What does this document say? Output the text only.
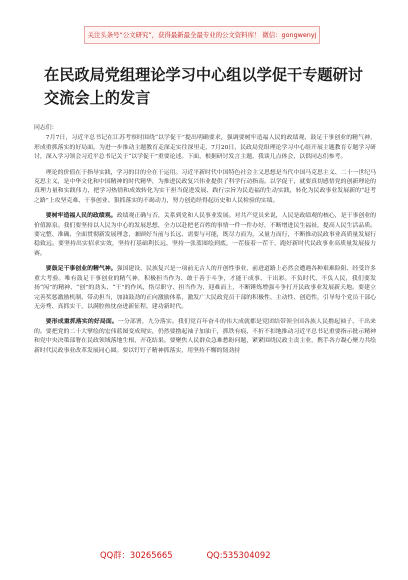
关注头条号“公文研究”，获得最新最全最专业的公文资料库！ 微信：gongwenyj
在民政局党组理论学习中心组以学促干专题研讨交流会上的发言

同志们：

7月7日，习近平总书记在江苏考察时围绕“以学促干”提出明确要求，强调要树牢造福人民的政绩观，鼓足干事创业的精气神，形成重抓落实的好局面。为进一步推动主题教育走深走实往深里走，7月20日，民政局党组理论学习中心组开展主题教育专题学习研讨，深入学习领会习近平总书记关于“以学促干”重要论述。下面，根据研讨发言主题，我谈几点体会，以供同志们参考。

理论的价值在于指导实践，学习的目的全在于运用。习近平新时代中国特色社会主义思想是当代中国马克思主义、二十一世纪马克思主义，是中华文化和中国精神的时代精华，为推进民政复兴伟业提供了科学行动指南。以学促干，就要真切感悟党的创新理论的真理力量和实践伟力，把学习热情和成效转化为实干担当促进发展、践行宗旨为民造福的生动实践，转化为民政事业发展新的“赶考之路”上攻坚克难、干事创业、狠抓落实的不竭动力，努力创造经得起历史和人民检验的实绩。

要树牢造福人民的政绩观。政绩观正确与否，关系到党和人民事业发展。对共产党员来说，人民是政绩观的核心，是干事创业的价值源泉。我们要坚持以人民为中心的发展思想，全力以赴把老百姓的事情一件一件办好，不断增进民生福祉，提高人民生活品质。要完整、准确、全面贯彻新发展理念，兼顾好当前与长远、需要与可能，既尽力而为，又量力而行，不断推动民政事业高质量发展行稳致远。要坚持出实招求实效，坚持打基础利长远，坚持一张蓝图绘到底，一茬接着一茬干，跑好新时代民政事业高质量发展接力赛。

要鼓足干事创业的精气神。强国建设、民族复兴是一项前无古人的开创性事业，前进道路上必然会遭遇各种艰难险阻、经受许多重大考验。唯有鼓足干事创业的精气神，积极担当作为、敢于善于斗争，才能干成事、干出彩。不负时代、不负人民，我们要发扬“闯”的精神、“创”的劲头、“干”的作风，恪尽职守、担当作为，迎难而上，不断锤炼增强斗争打开民政事业发展新天地。要建立完善奖惩激励机制、带动担当，加油鼓劲的正向激励体系，激发广大民政党员干部的积极性、主动性、创造性，引导每个党员干部心无旁骛、真抓实干，以满腔热忱奋进新征程、建功新时代。

要形成重抓落实的好局面。一分部署，九分落实。我们党百年奋斗的伟大成就都是党团结带领全国各族人民撸起袖子、干出来的。要把党的二十大擘绘的宏伟蓝图变成现实，仍然要撸起袖子加油干，抓铁有痕、不折不扣地推动习近平总书记重要指示批示精神和党中央决策部署在民政领域落地生根、开花结果。要聚焦人民群众急难愁盼问题，紧紧围绕民政主责主业，携手各方凝心聚力共绘新时代民政事业改革发展同心圆。要以钉钉子精神抓落实，用坚持不懈的韧劲持

QQ群：30265665	QQ:535304092
